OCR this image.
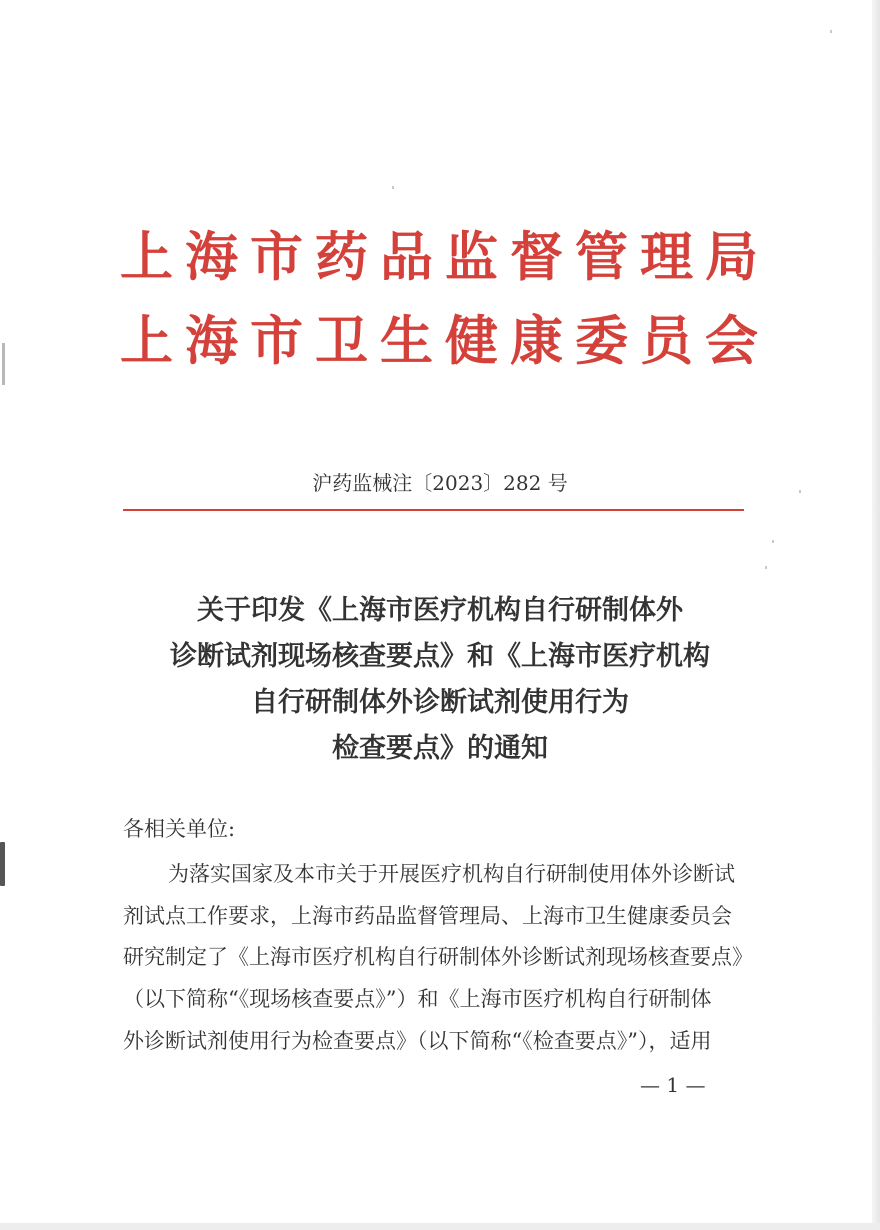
上海市药品监督管理局
上海市卫生健康委员会
沪药监械注〔2023〕282 号
关于印发《上海市医疗机构自行研制体外
诊断试剂现场核查要点》和《上海市医疗机构
自行研制体外诊断试剂使用行为
检查要点》的通知
各相关单位:
为落实国家及本市关于开展医疗机构自行研制使用体外诊断试
剂试点工作要求，上海市药品监督管理局、上海市卫生健康委员会
研究制定了《上海市医疗机构自行研制体外诊断试剂现场核查要点》
（以下简称“《现场核查要点》”）和《上海市医疗机构自行研制体
外诊断试剂使用行为检查要点》（以下简称“《检查要点》”），适用
— 1 —
